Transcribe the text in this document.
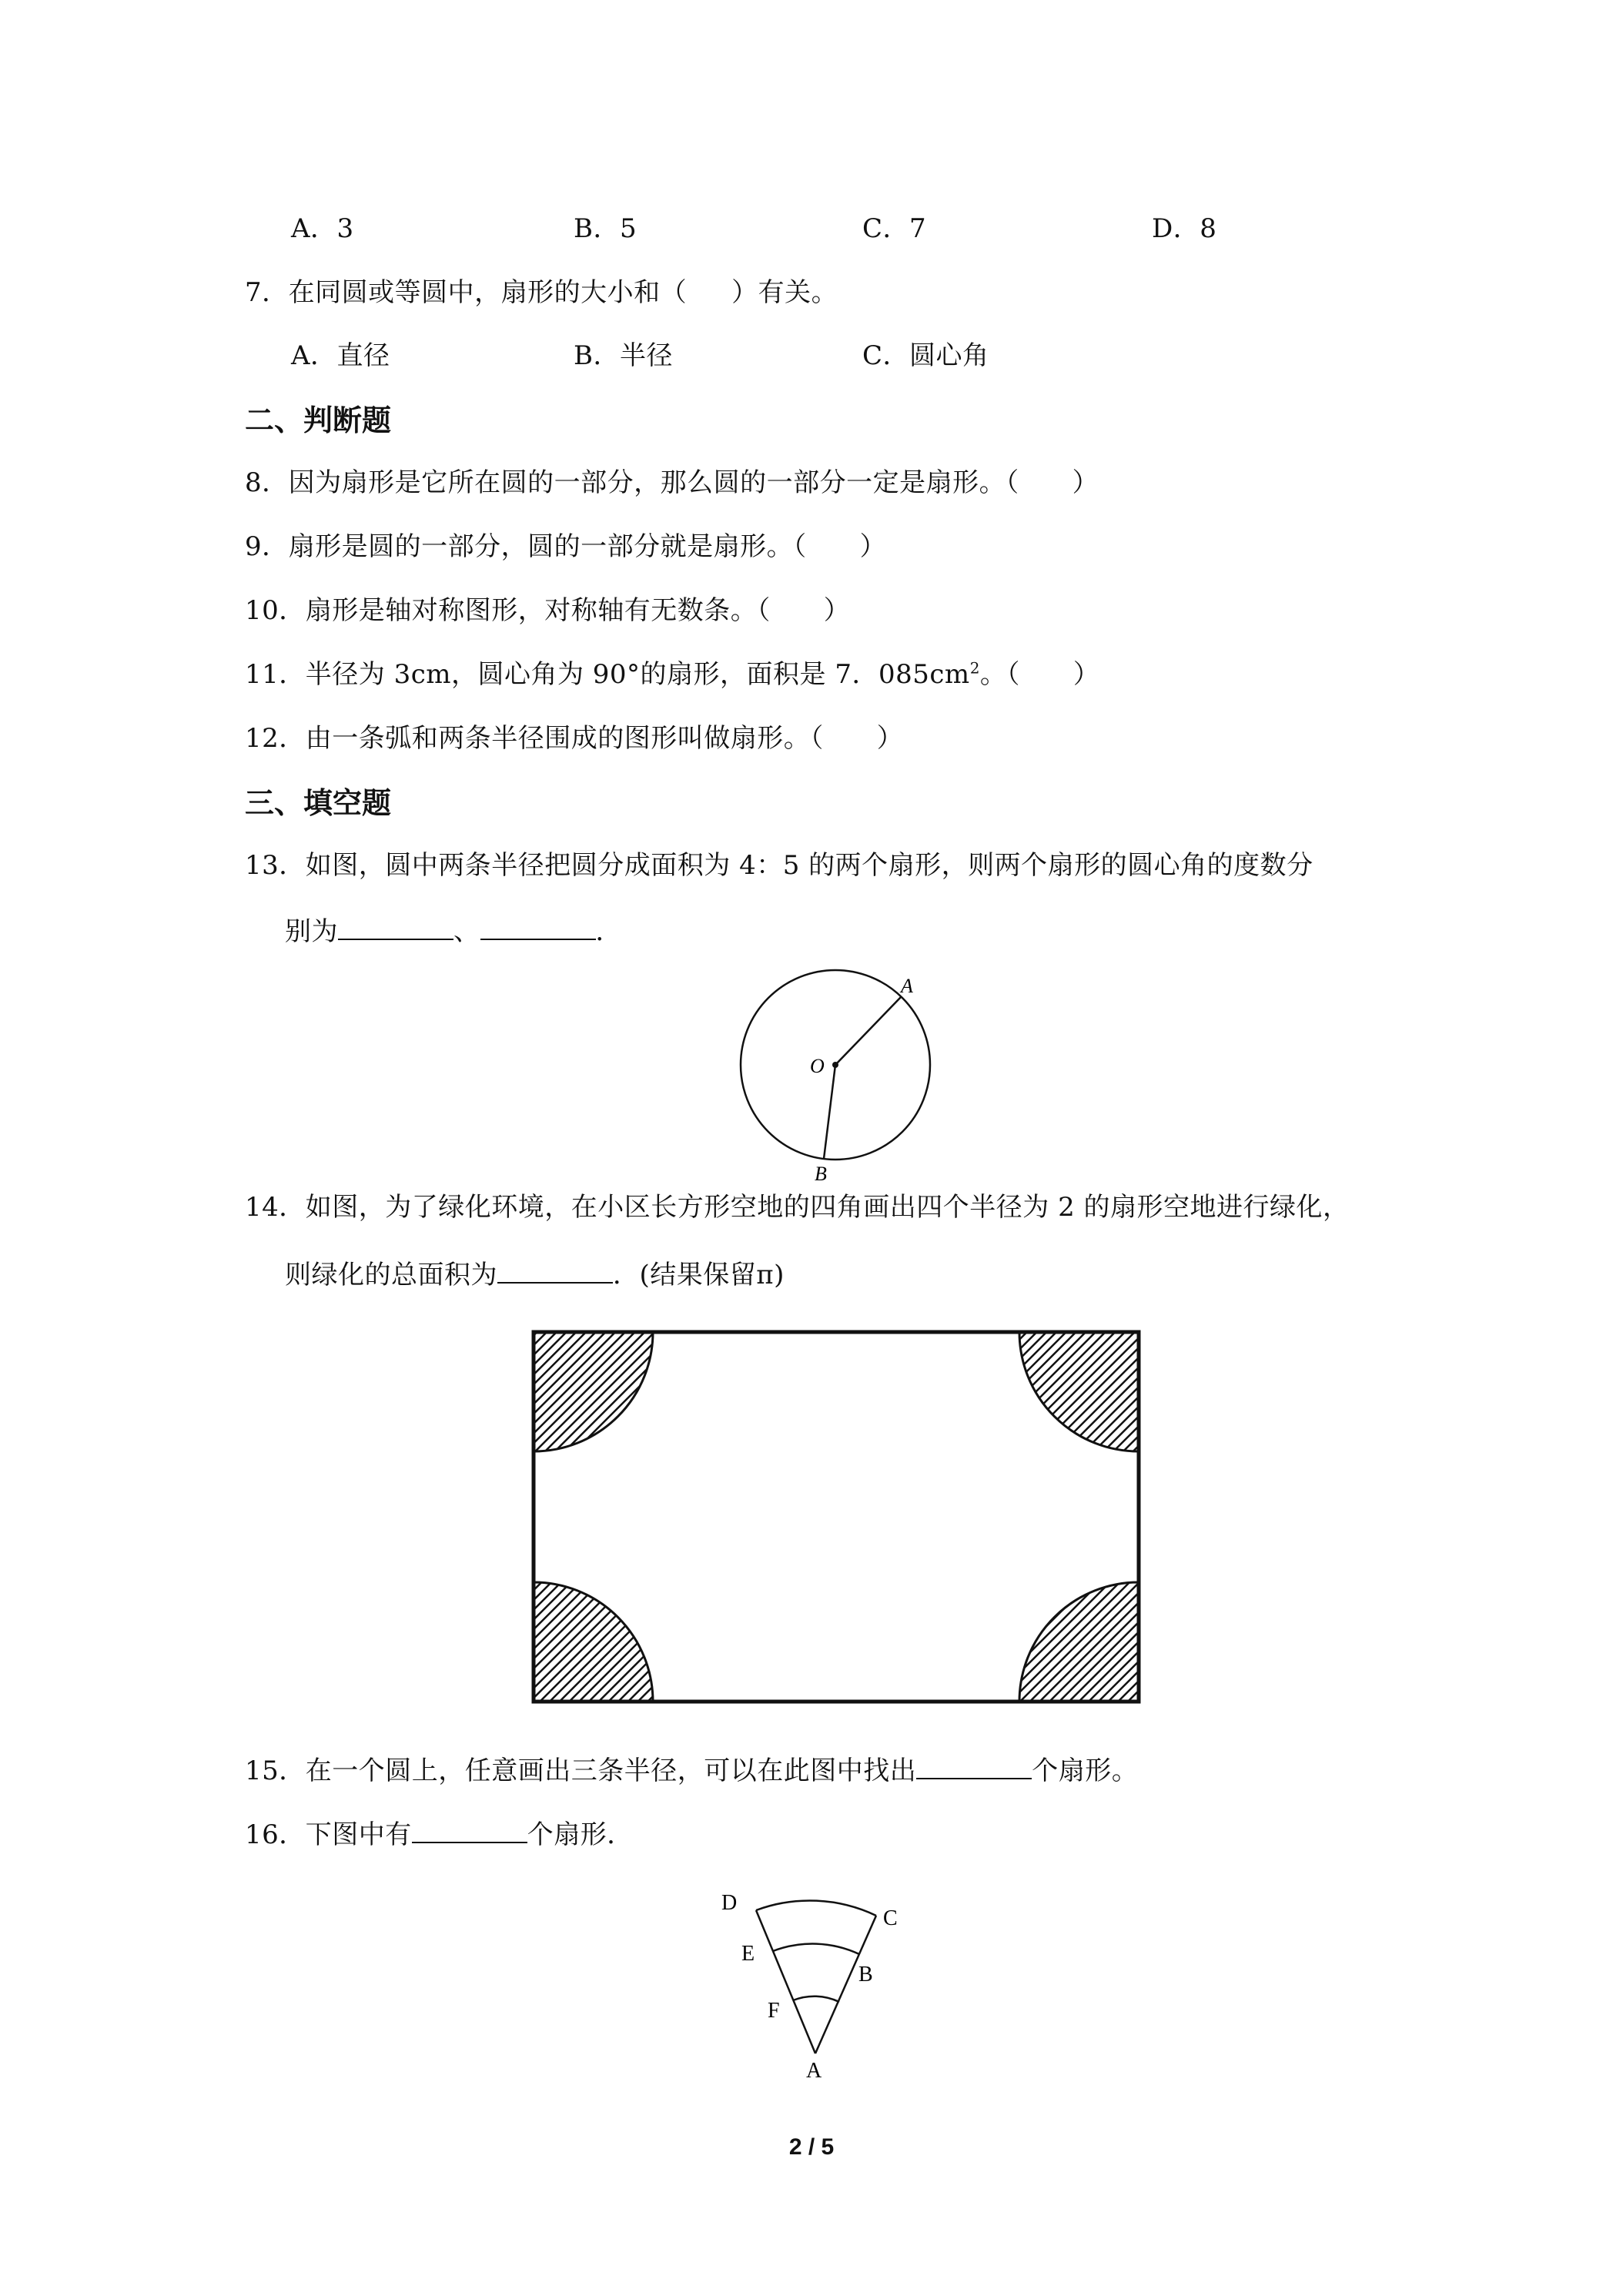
A．3	B．5	C．7	D．8
7．在同圆或等圆中，扇形的大小和（ ）有关。
A．直径	B．半径	C．圆心角
二、判断题
8．因为扇形是它所在圆的一部分，那么圆的一部分一定是扇形。（　　）
9．扇形是圆的一部分，圆的一部分就是扇形。（　　）
10．扇形是轴对称图形，对称轴有无数条。（　　）
11．半径为 3cm，圆心角为 90°的扇形，面积是 7．$085cm^2$。（　　）
12．由一条弧和两条半径围成的图形叫做扇形。（　　）
三、填空题
13．如图，圆中两条半径把圆分成面积为 4：5 的两个扇形，则两个扇形的圆心角的度数分
别为	、	．
A
O
B
14．如图，为了绿化环境，在小区长方形空地的四角画出四个半径为 2 的扇形空地进行绿化，
则绿化的总面积为	．(结果保留π)
15．在一个圆上，任意画出三条半径，可以在此图中找出	个扇形。
16．下图中有	个扇形．
D
C
E
B
F
A
2 / 5
